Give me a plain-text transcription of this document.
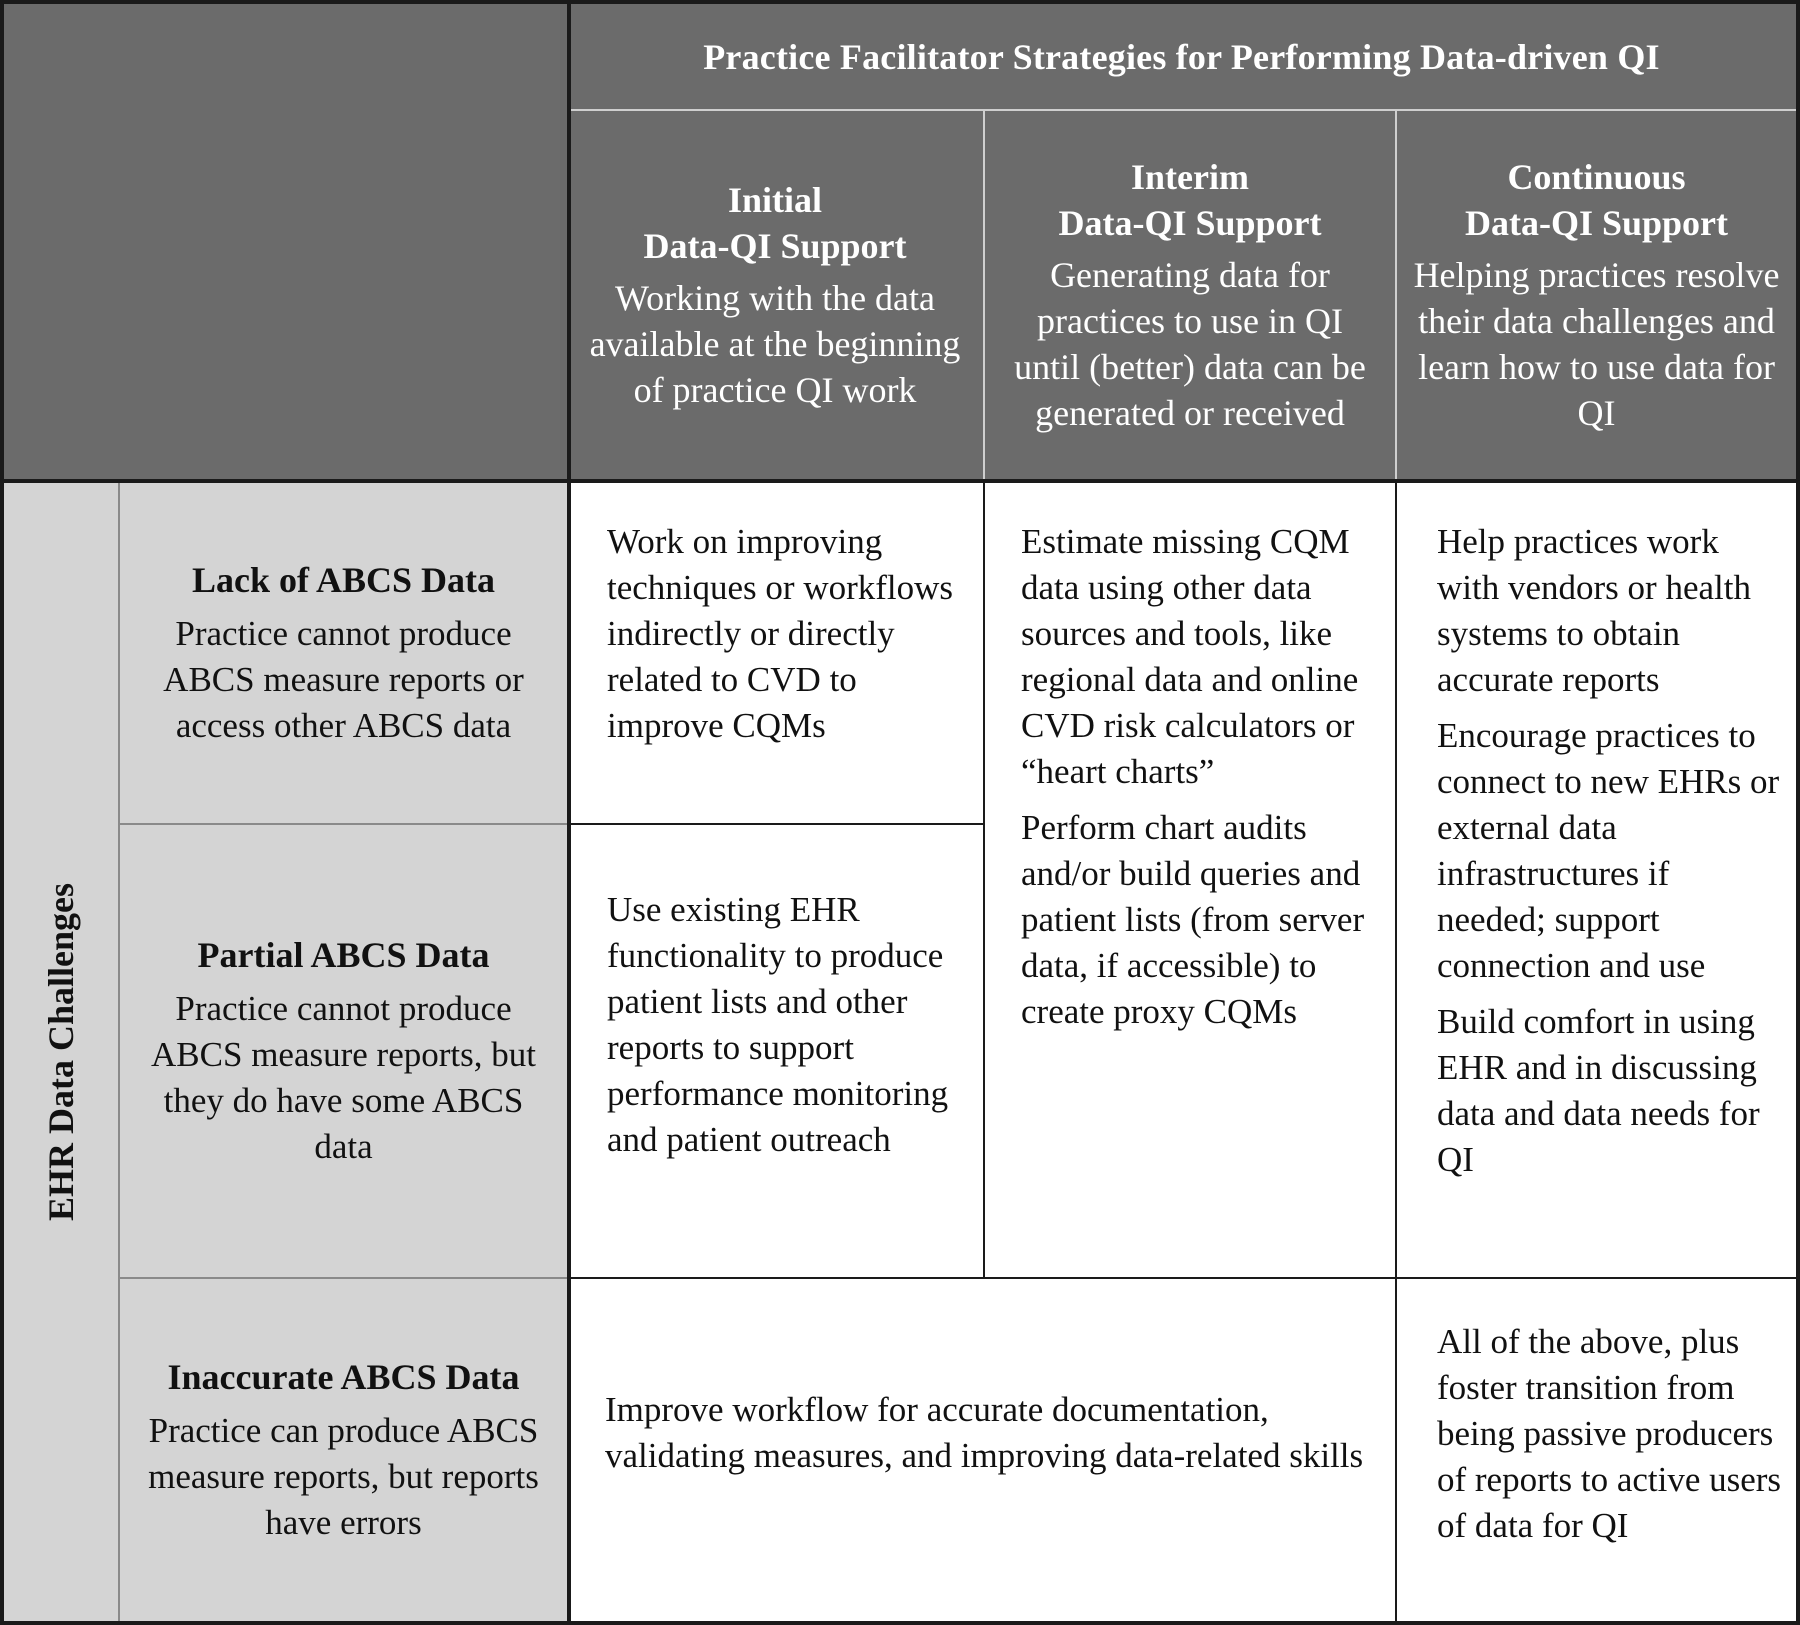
Practice Facilitator Strategies for Performing Data-driven QI
Initial
Data-QI Support
Working with the data available at the beginning of practice QI work
Interim
Data-QI Support
Generating data for practices to use in QI until (better) data can be generated or received
Continuous
Data-QI Support
Helping practices resolve their data challenges and learn how to use data for QI
EHR Data Challenges
Lack of ABCS Data
Practice cannot produce ABCS measure reports or access other ABCS data
Partial ABCS Data
Practice cannot produce ABCS measure reports, but they do have some ABCS data
Inaccurate ABCS Data
Practice can produce ABCS measure reports, but reports have errors
Work on improving techniques or workflows indirectly or directly related to CVD to improve CQMs
Use existing EHR functionality to produce patient lists and other reports to support performance monitoring and patient outreach
Estimate missing CQM data using other data sources and tools, like regional data and online CVD risk calculators or “heart charts”
Perform chart audits and/or build queries and patient lists (from server data, if accessible) to create proxy CQMs
Help practices work with vendors or health systems to obtain accurate reports
Encourage practices to connect to new EHRs or external data infrastructures if needed; support connection and use
Build comfort in using EHR and in discussing data and data needs for QI
Improve workflow for accurate documentation, validating measures, and improving data-related skills
All of the above, plus foster transition from being passive producers of reports to active users of data for QI
